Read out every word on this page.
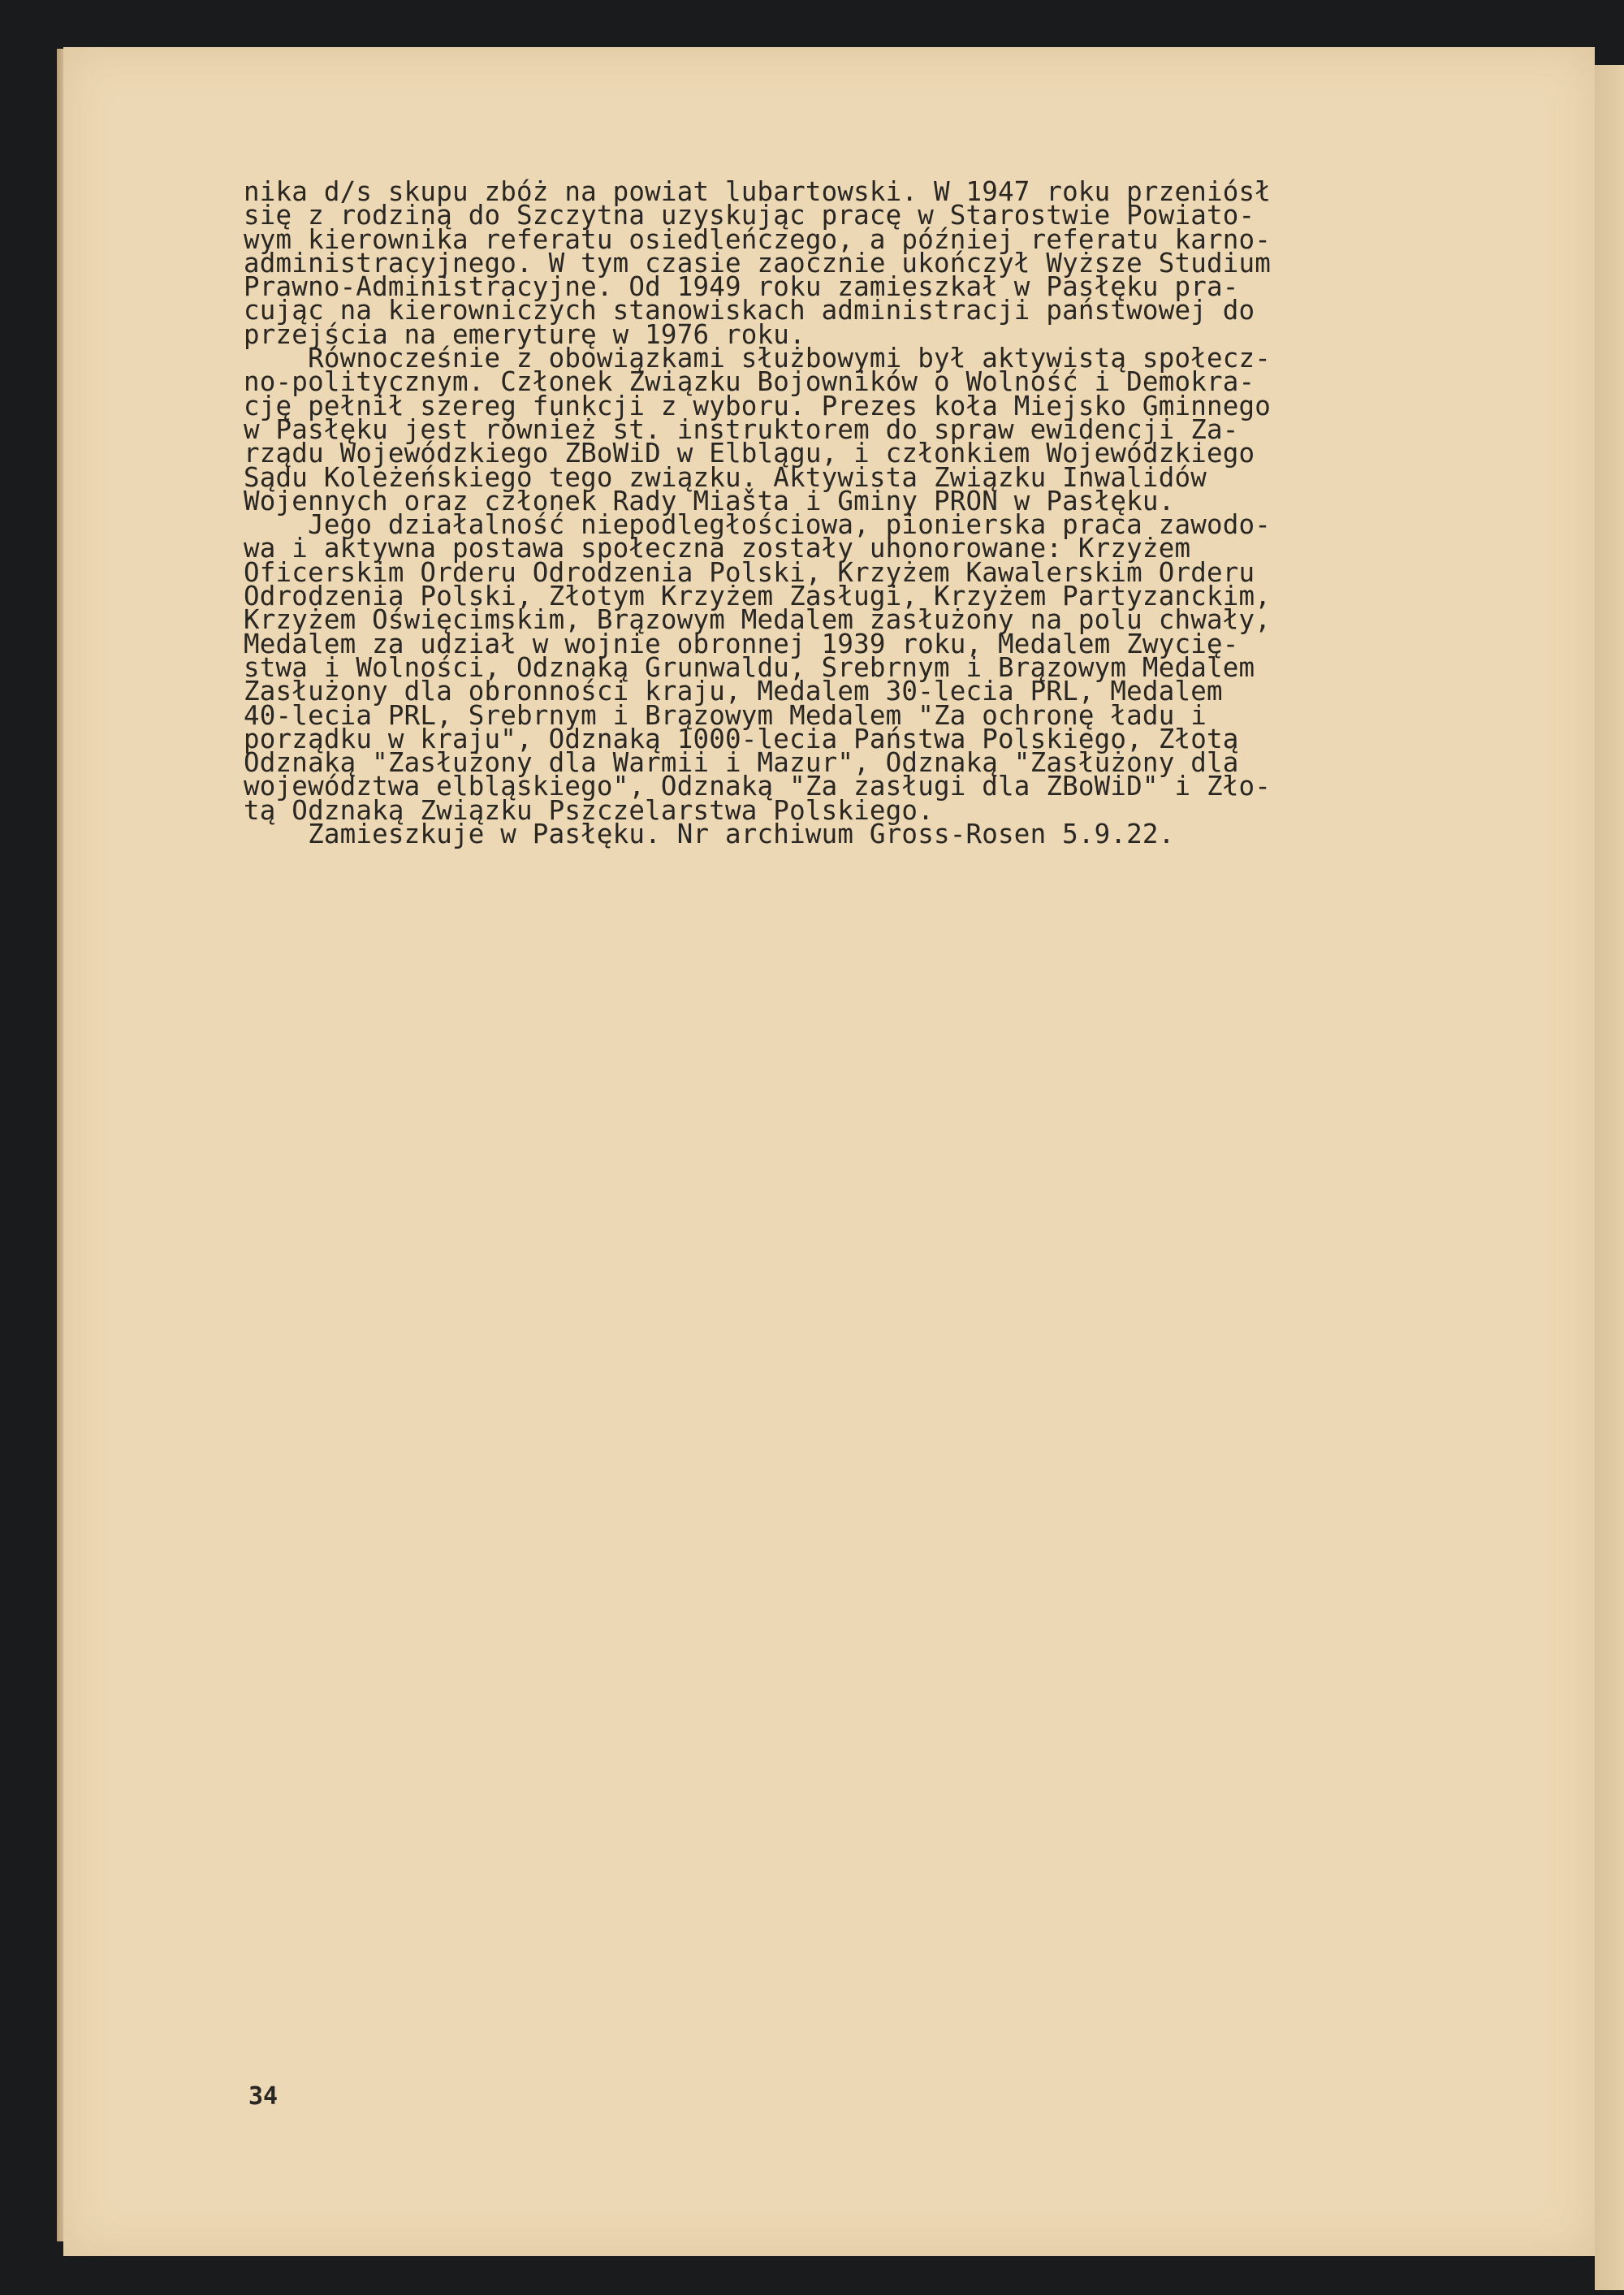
nika d/s skupu zbóż na powiat lubartowski. W 1947 roku przeniósł
się z rodziną do Szczytna uzyskując pracę w Starostwie Powiato-
wym kierownika referatu osiedleńczego, a później referatu karno-
administracyjnego. W tym czasie zaocznie ukończył Wyższe Studium
Prawno-Administracyjne. Od 1949 roku zamieszkał w Pasłęku pra-
cując na kierowniczych stanowiskach administracji państwowej do
przejścia na emeryturę w 1976 roku.
Równocześnie z obowiązkami służbowymi był aktywistą społecz-
no-politycznym. Członek Związku Bojowników o Wolność i Demokra-
cję pełnił szereg funkcji z wyboru. Prezes koła Miejsko Gminnego
w Pasłęku jest również st. instruktorem do spraw ewidencji Za-
rządu Wojewódzkiego ZBoWiD w Elblągu, i członkiem Wojewódzkiego
Sądu Koleżeńskiego tego związku. Aktywista Związku Inwalidów
Wojennych oraz członek Rady Miašta i Gminy PRON w Pasłęku.
Jego działalność niepodległościowa, pionierska praca zawodo-
wa i aktywna postawa społeczna zostały uhonorowane: Krzyżem
Oficerskim Orderu Odrodzenia Polski, Krzyżem Kawalerskim Orderu
Odrodzenia Polski, Złotym Krzyżem Zasługi, Krzyżem Partyzanckim,
Krzyżem Oświęcimskim, Brązowym Medalem zasłużony na polu chwały,
Medalem za udział w wojnie obronnej 1939 roku, Medalem Zwycię-
stwa i Wolności, Odznaką Grunwaldu, Srebrnym i Brązowym Medalem
Zasłużony dla obronności kraju, Medalem 30-lecia PRL, Medalem
40-lecia PRL, Srebrnym i Brązowym Medalem "Za ochronę ładu i
porządku w kraju", Odznaką 1000-lecia Państwa Polskiego, Złotą
Odznaką "Zasłużony dla Warmii i Mazur", Odznaką "Zasłużony dla
województwa elbląskiego", Odznaką "Za zasługi dla ZBoWiD" i Zło-
tą Odznaką Związku Pszczelarstwa Polskiego.
Zamieszkuje w Pasłęku. Nr archiwum Gross-Rosen 5.9.22.
34
